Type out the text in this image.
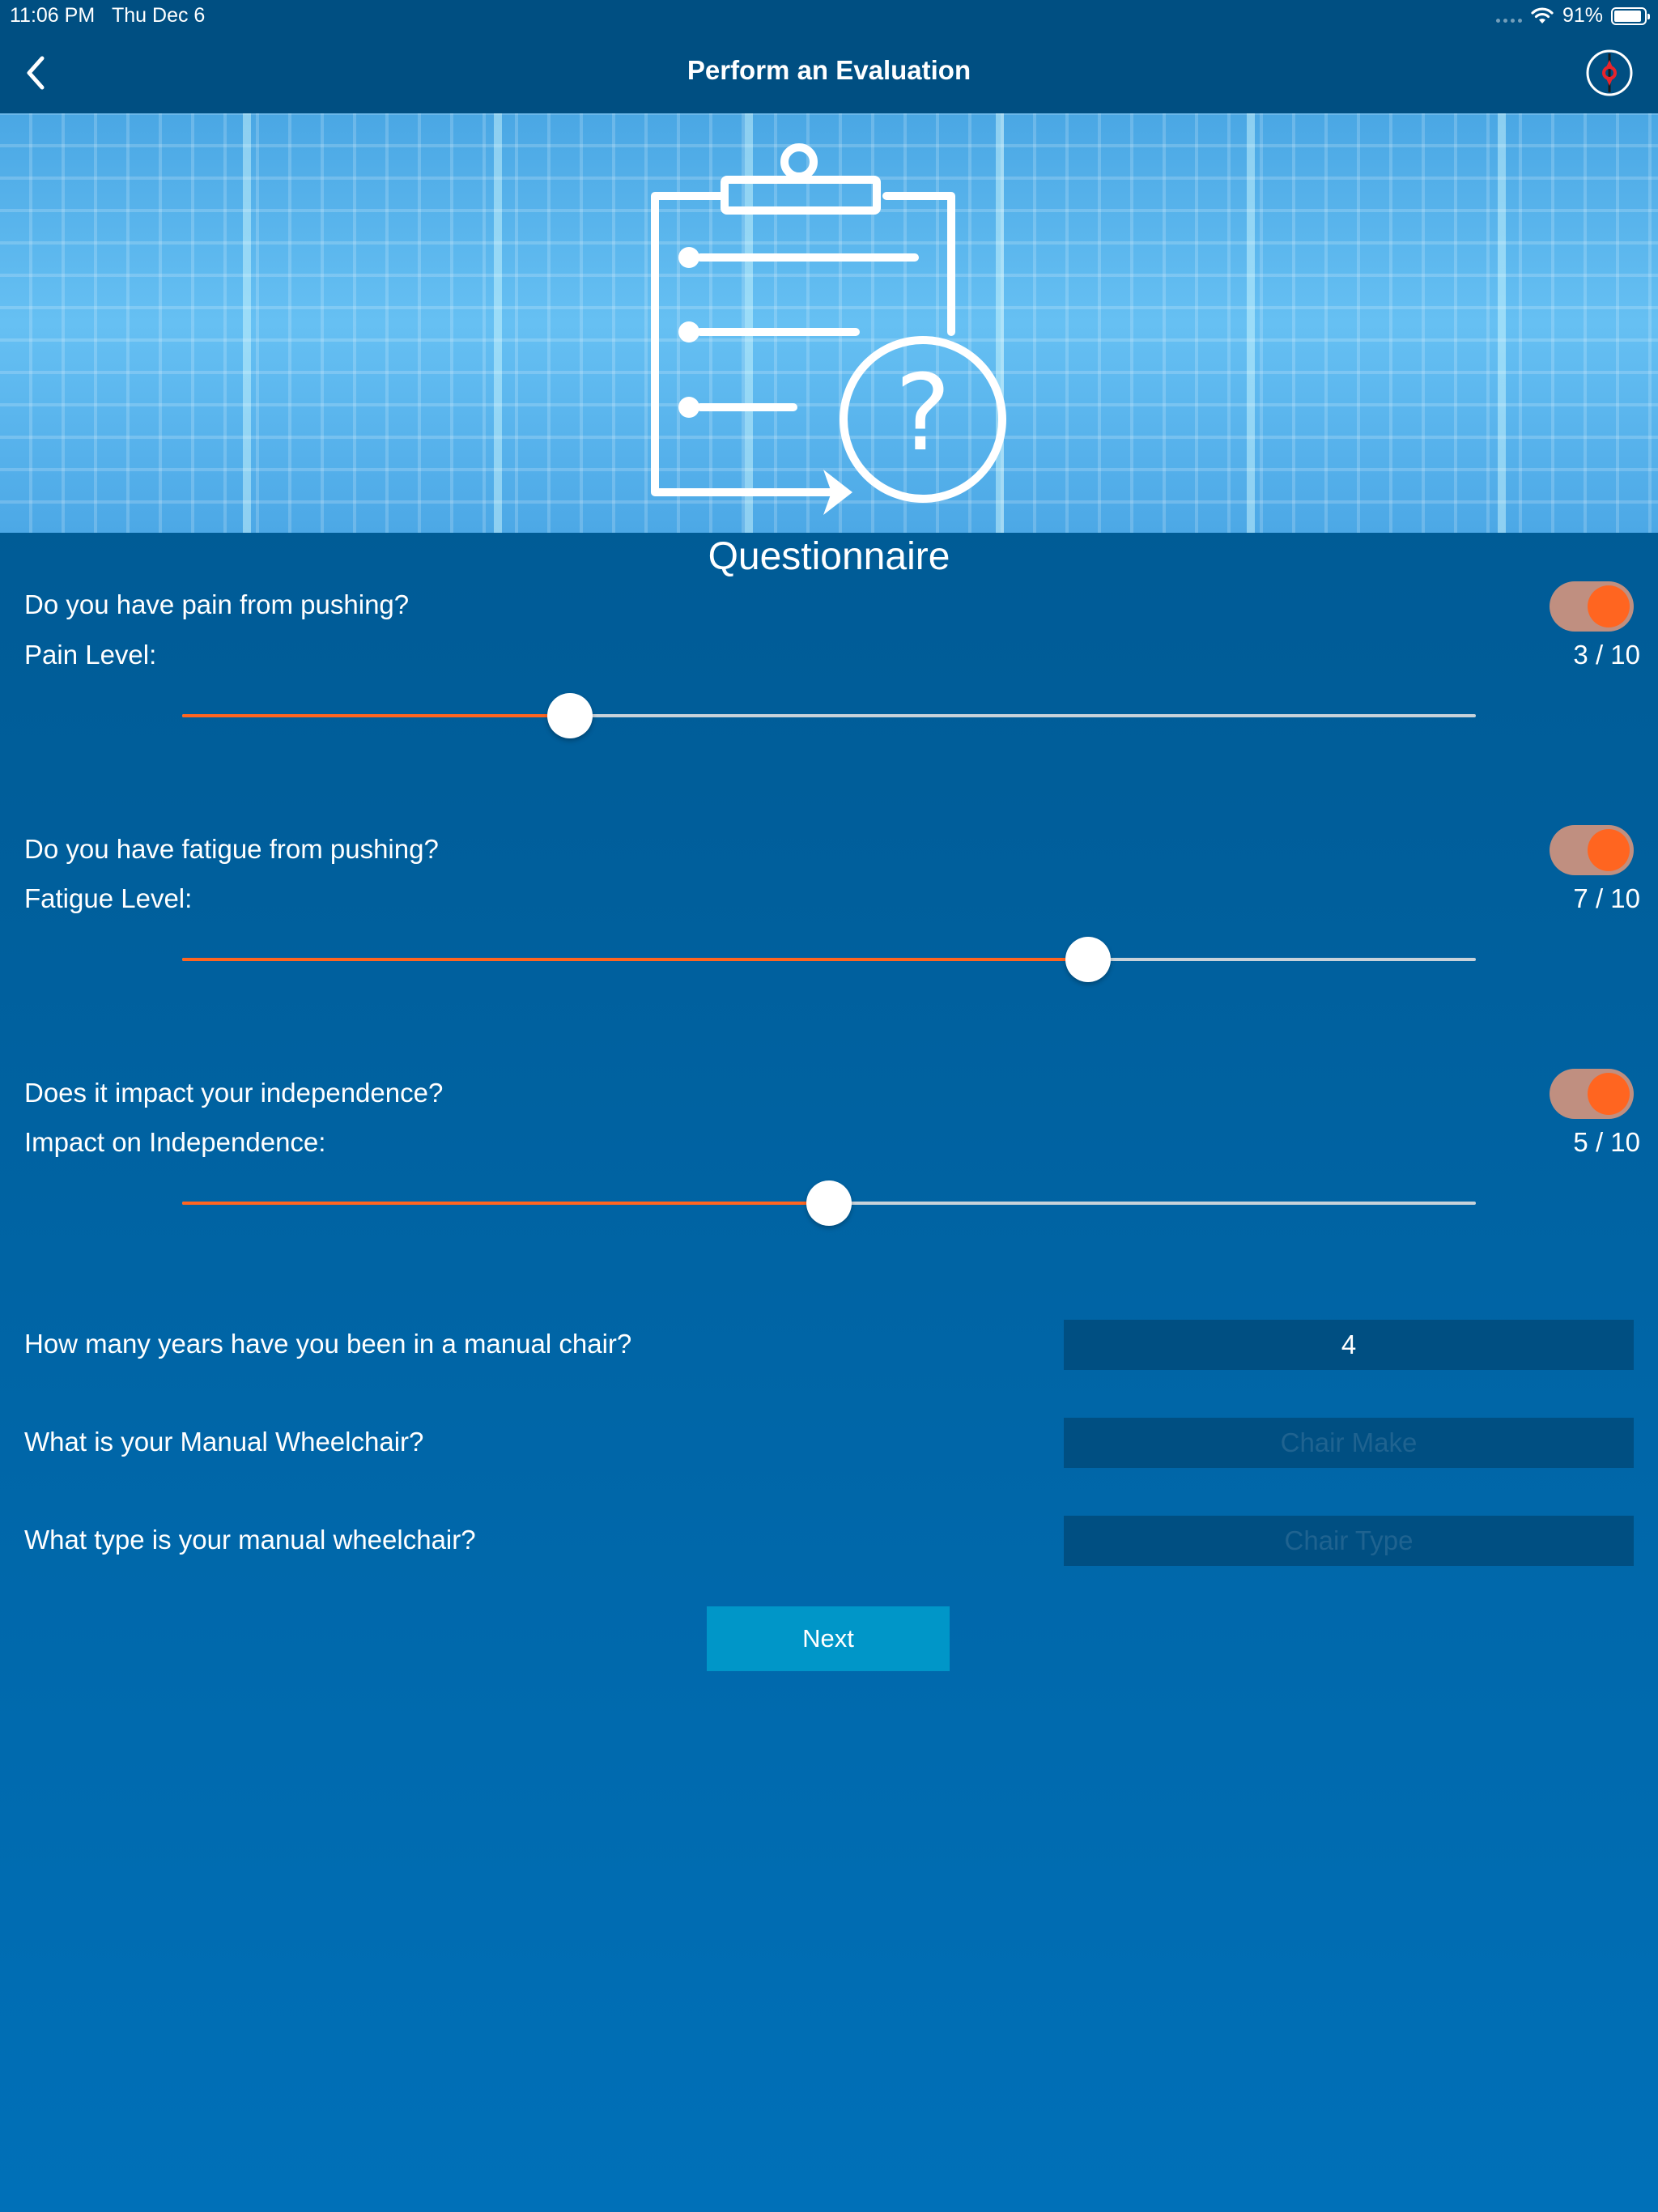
11:06 PM Thu Dec 6	91%
Perform an Evaluation
?
Questionnaire
Do you have pain from pushing?
Pain Level:	3 / 10
Do you have fatigue from pushing?
Fatigue Level:	7 / 10
Does it impact your independence?
Impact on Independence:	5 / 10
How many years have you been in a manual chair?
4
What is your Manual Wheelchair?
Chair Make
What type is your manual wheelchair?
Chair Type
Next
